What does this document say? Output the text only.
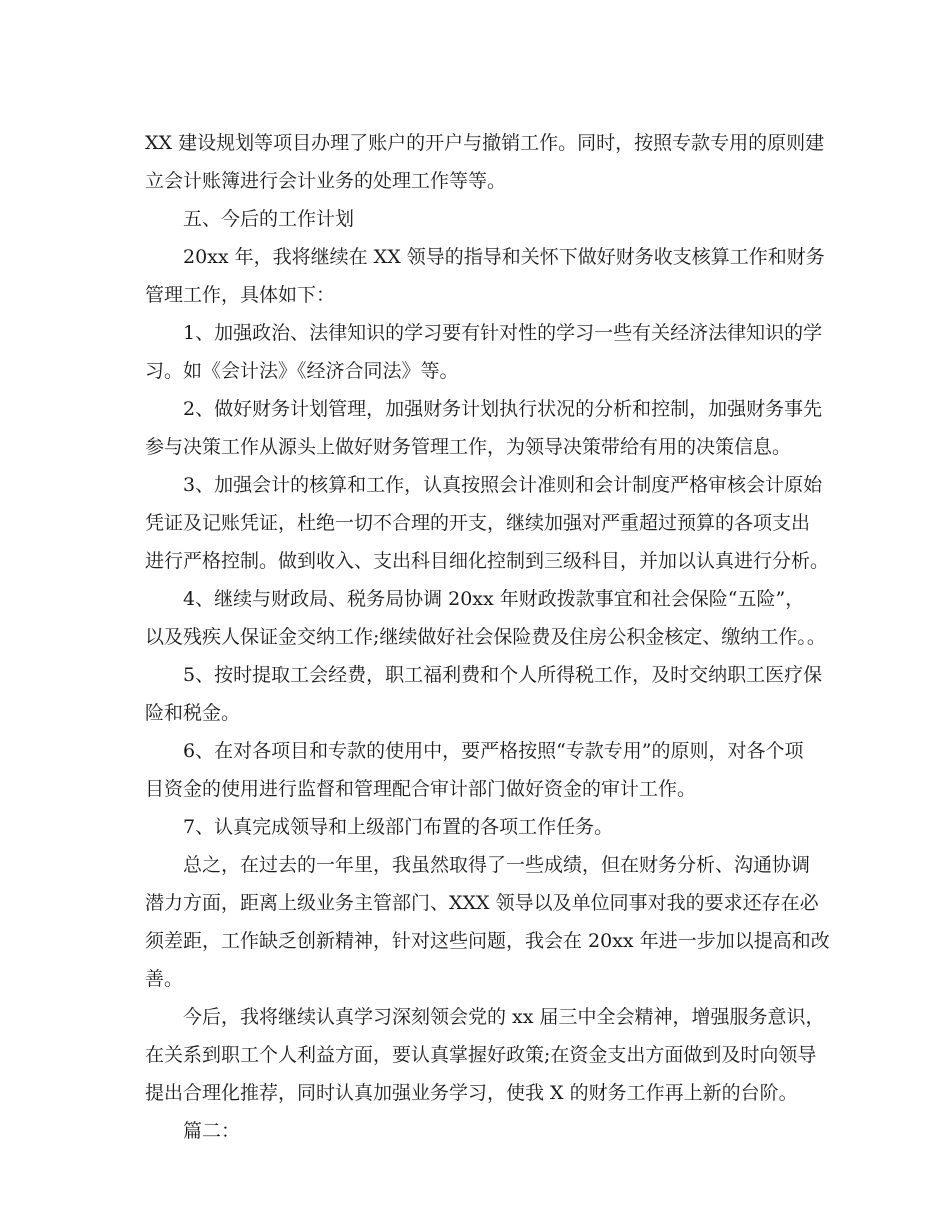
XX 建设规划等项目办理了账户的开户与撤销工作。同时，按照专款专用的原则建

立会计账簿进行会计业务的处理工作等等。

五、今后的工作计划

20xx 年，我将继续在 XX 领导的指导和关怀下做好财务收支核算工作和财务

管理工作，具体如下：

1、加强政治、法律知识的学习要有针对性的学习一些有关经济法律知识的学

习。如《会计法》《经济合同法》等。

2、做好财务计划管理，加强财务计划执行状况的分析和控制，加强财务事先

参与决策工作从源头上做好财务管理工作，为领导决策带给有用的决策信息。

3、加强会计的核算和工作，认真按照会计准则和会计制度严格审核会计原始

凭证及记账凭证，杜绝一切不合理的开支，继续加强对严重超过预算的各项支出

进行严格控制。做到收入、支出科目细化控制到三级科目，并加以认真进行分析。

4、继续与财政局、税务局协调 20xx 年财政拨款事宜和社会保险“五险”，

以及残疾人保证金交纳工作;继续做好社会保险费及住房公积金核定、缴纳工作。。

5、按时提取工会经费，职工福利费和个人所得税工作，及时交纳职工医疗保

险和税金。

6、在对各项目和专款的使用中，要严格按照“专款专用”的原则，对各个项

目资金的使用进行监督和管理配合审计部门做好资金的审计工作。

7、认真完成领导和上级部门布置的各项工作任务。

总之，在过去的一年里，我虽然取得了一些成绩，但在财务分析、沟通协调

潜力方面，距离上级业务主管部门、XXX 领导以及单位同事对我的要求还存在必

须差距，工作缺乏创新精神，针对这些问题，我会在 20xx 年进一步加以提高和改

善。

今后，我将继续认真学习深刻领会党的 xx 届三中全会精神，增强服务意识，

在关系到职工个人利益方面，要认真掌握好政策;在资金支出方面做到及时向领导

提出合理化推荐，同时认真加强业务学习，使我 X 的财务工作再上新的台阶。

篇二：
